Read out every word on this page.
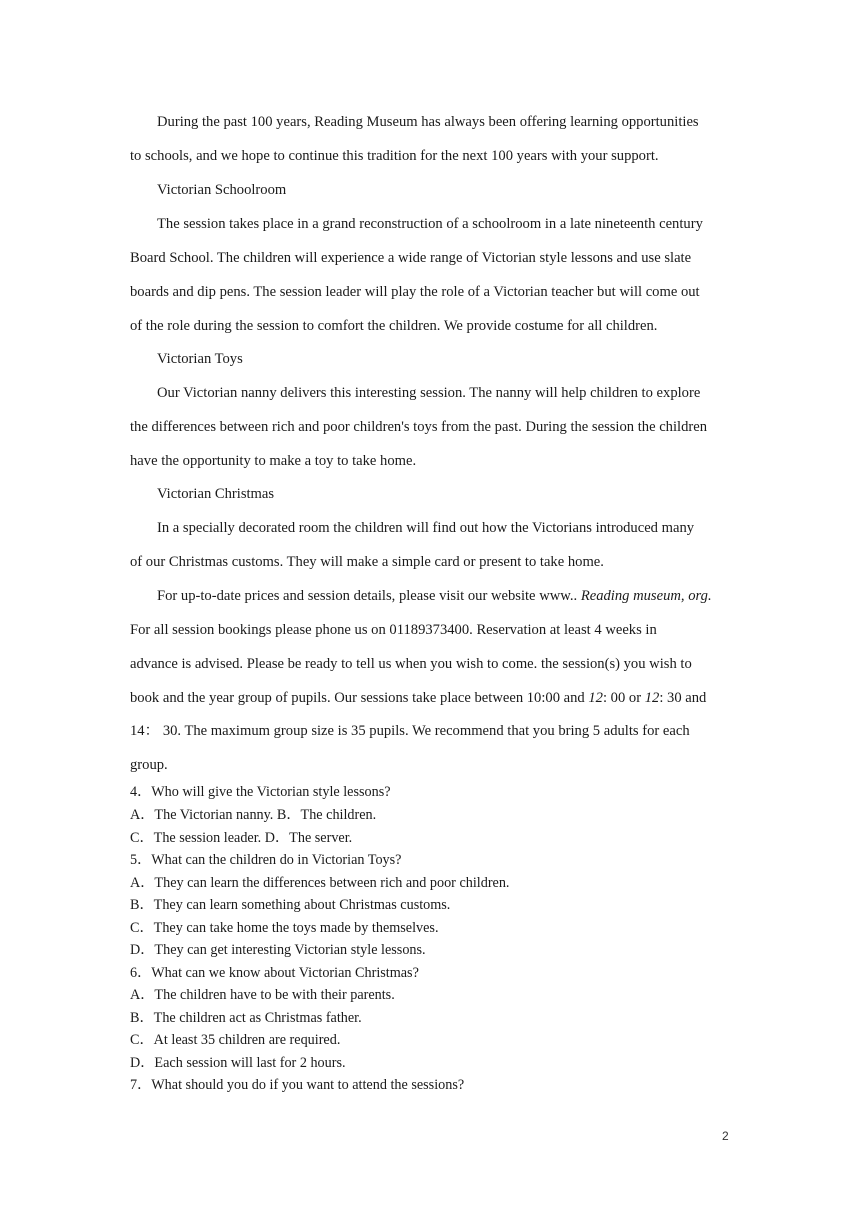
During the past 100 years, Reading Museum has always been offering learning opportunities

to schools, and we hope to continue this tradition for the next 100 years with your support.

Victorian Schoolroom

The session takes place in a grand reconstruction of a schoolroom in a late nineteenth century

Board School. The children will experience a wide range of Victorian style lessons and use slate

boards and dip pens. The session leader will play the role of a Victorian teacher but will come out

of the role during the session to comfort the children. We provide costume for all children.

Victorian Toys

Our Victorian nanny delivers this interesting session. The nanny will help children to explore

the differences between rich and poor children's toys from the past. During the session the children

have the opportunity to make a toy to take home.

Victorian Christmas

In a specially decorated room the children will find out how the Victorians introduced many

of our Christmas customs. They will make a simple card or present to take home.

For up-to-date prices and session details, please visit our website www.. Reading museum, org.

For all session bookings please phone us on 01189373400. Reservation at least 4 weeks in

advance is advised. Please be ready to tell us when you wish to come. the session(s) you wish to

book and the year group of pupils. Our sessions take place between 10:00 and 12: 00 or 12: 30 and

14： 30. The maximum group size is 35 pupils. We recommend that you bring 5 adults for each

group.

4．Who will give the Victorian style lessons?

A．The Victorian nanny. B．The children.

C．The session leader. D．The server.

5．What can the children do in Victorian Toys?

A．They can learn the differences between rich and poor children.

B．They can learn something about Christmas customs.

C．They can take home the toys made by themselves.

D．They can get interesting Victorian style lessons.

6．What can we know about Victorian Christmas?

A．The children have to be with their parents.

B．The children act as Christmas father.

C．At least 35 children are required.

D．Each session will last for 2 hours.

7．What should you do if you want to attend the sessions?

2
